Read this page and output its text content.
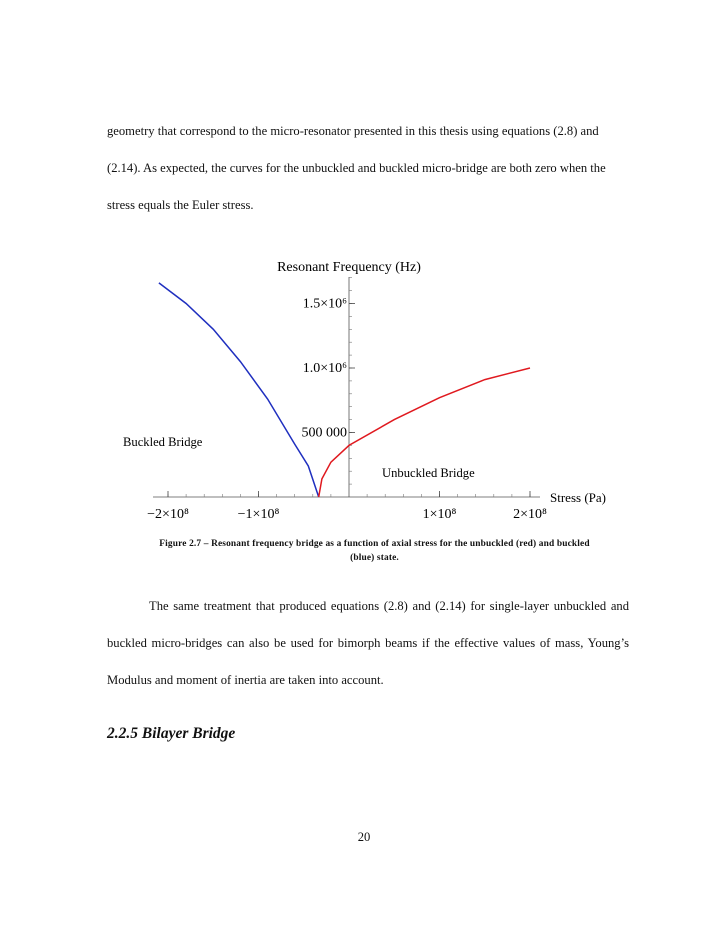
geometry that correspond to the micro-resonator presented in this thesis using equations (2.8) and (2.14). As expected, the curves for the unbuckled and buckled micro-bridge are both zero when the stress equals the Euler stress.

Resonant Frequency (Hz)
−2×10⁸	−1×10⁸	1×10⁸	2×10⁸
500 000
1.0×10⁶
1.5×10⁶
Stress (Pa)
Buckled Bridge
Unbuckled Bridge
Figure 2.7 – Resonant frequency bridge as a function of axial stress for the unbuckled (red) and buckled
(blue) state.

The same treatment that produced equations (2.8) and (2.14) for single-layer unbuckled and buckled micro-bridges can also be used for bimorph beams if the effective values of mass, Young’s Modulus and moment of inertia are taken into account.

2.2.5 Bilayer Bridge
20
